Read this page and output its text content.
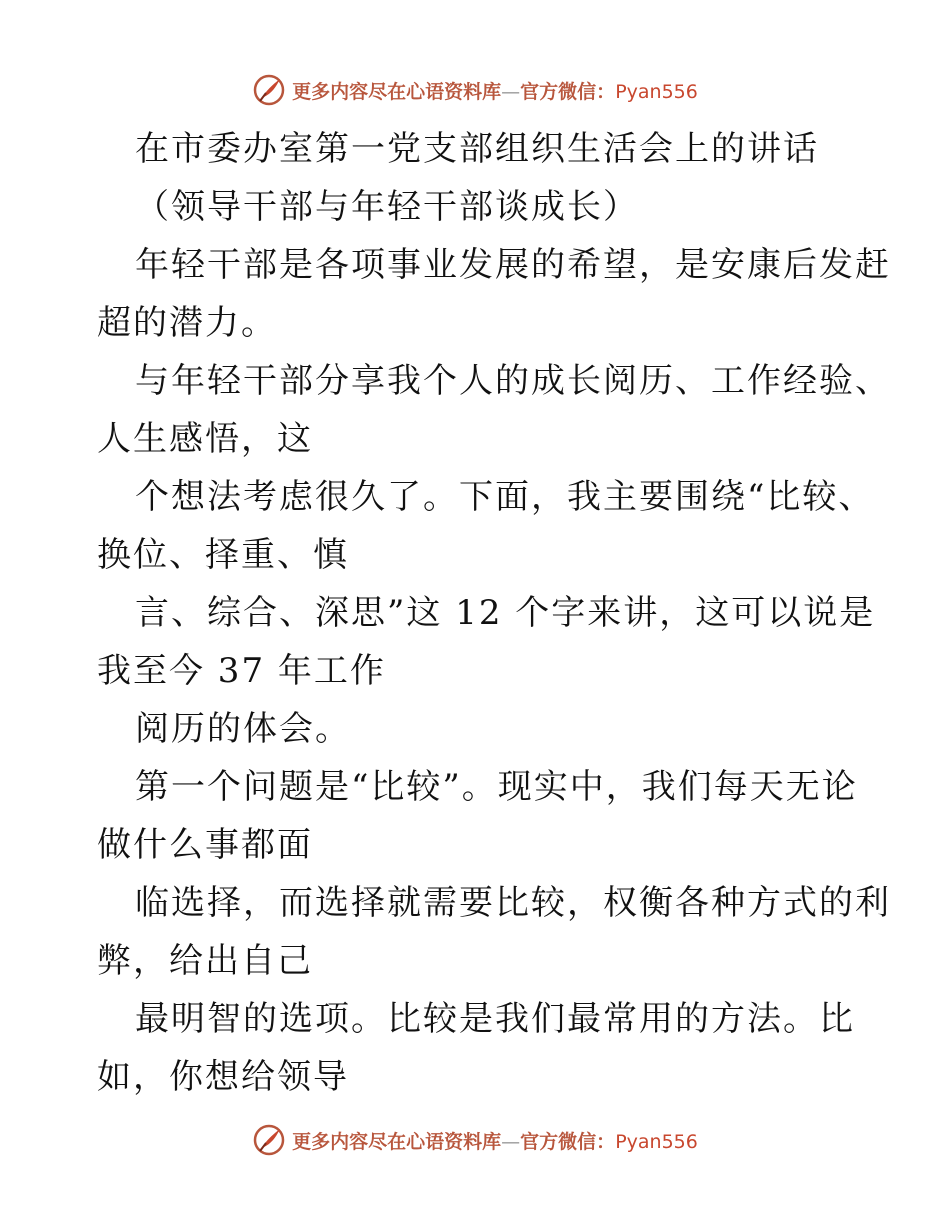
更多内容尽在心语资料库—官方微信：Pyan556
在市委办室第一党支部组织生活会上的讲话
（领导干部与年轻干部谈成长）
年轻干部是各项事业发展的希望，是安康后发赶
超的潜力。
与年轻干部分享我个人的成长阅历、工作经验、
人生感悟，这
个想法考虑很久了。下面，我主要围绕“比较、
换位、择重、慎
言、综合、深思”这 12 个字来讲，这可以说是
我至今 37 年工作
阅历的体会。
第一个问题是“比较”。现实中，我们每天无论
做什么事都面
临选择，而选择就需要比较，权衡各种方式的利
弊，给出自己
最明智的选项。比较是我们最常用的方法。比
如，你想给领导
更多内容尽在心语资料库—官方微信：Pyan556
